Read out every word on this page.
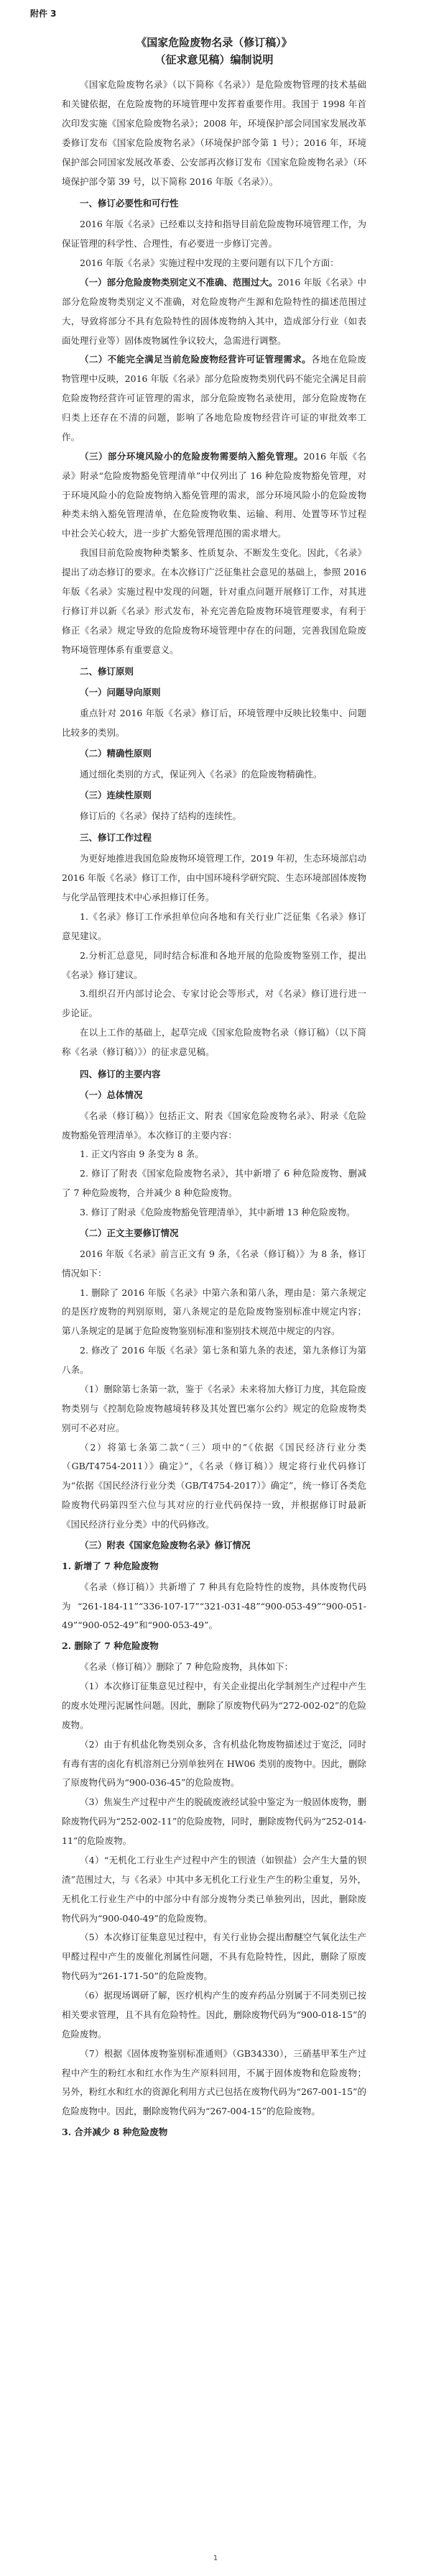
附件 3
《国家危险废物名录（修订稿）》
（征求意见稿）编制说明

《国家危险废物名录》（以下简称《名录》）是危险废物管理的技术基础和关键依据，在危险废物的环境管理中发挥着重要作用。我国于 1998 年首次印发实施《国家危险废物名录》；2008 年，环境保护部会同国家发展改革委修订发布《国家危险废物名录》（环境保护部令第 1 号）；2016 年，环境保护部会同国家发展改革委、公安部再次修订发布《国家危险废物名录》（环境保护部令第 39 号，以下简称 2016 年版《名录》）。

一、修订必要性和可行性

2016 年版《名录》已经难以支持和指导目前危险废物环境管理工作，为保证管理的科学性、合理性，有必要进一步修订完善。

2016 年版《名录》实施过程中发现的主要问题有以下几个方面：

（一）部分危险废物类别定义不准确、范围过大。2016 年版《名录》中部分危险废物类别定义不准确，对危险废物产生源和危险特性的描述范围过大，导致将部分不具有危险特性的固体废物纳入其中，造成部分行业（如表面处理行业等）固体废物属性争议较大，急需进行调整。

（二）不能完全满足当前危险废物经营许可证管理需求。各地在危险废物管理中反映，2016 年版《名录》部分危险废物类别代码不能完全满足目前危险废物经营许可证管理的需求，部分危险废物名录使用，部分危险废物在归类上还存在不清的问题，影响了各地危险废物经营许可证的审批效率工作。

（三）部分环境风险小的危险废物需要纳入豁免管理。2016 年版《名录》附录“危险废物豁免管理清单”中仅列出了 16 种危险废物豁免管理，对于环境风险小的危险废物纳入豁免管理的需求，部分环境风险小的危险废物种类未纳入豁免管理清单，在危险废物收集、运输、利用、处置等环节过程中社会关心较大，进一步扩大豁免管理范围的需求增大。

我国目前危险废物种类繁多、性质复杂、不断发生变化。因此，《名录》提出了动态修订的要求。在本次修订广泛征集社会意见的基础上，参照 2016 年版《名录》实施过程中发现的问题，针对重点问题开展修订工作，对其进行修订并以新《名录》形式发布，补充完善危险废物环境管理要求，有利于修正《名录》规定导致的危险废物环境管理中存在的问题，完善我国危险废物环境管理体系有重要意义。

二、修订原则
（一）问题导向原则

重点针对 2016 年版《名录》修订后，环境管理中反映比较集中、问题比较多的类别。

（二）精确性原则

通过细化类别的方式，保证列入《名录》的危险废物精确性。

（三）连续性原则

修订后的《名录》保持了结构的连续性。

三、修订工作过程

为更好地推进我国危险废物环境管理工作，2019 年初，生态环境部启动 2016 年版《名录》修订工作，由中国环境科学研究院、生态环境部固体废物与化学品管理技术中心承担修订任务。

1.《名录》修订工作承担单位向各地和有关行业广泛征集《名录》修订意见建议。

2.分析汇总意见，同时结合标准和各地开展的危险废物鉴别工作，提出《名录》修订建议。

3.组织召开内部讨论会、专家讨论会等形式，对《名录》修订进行进一步论证。

在以上工作的基础上，起草完成《国家危险废物名录（修订稿）（以下简称《名录（修订稿）》）的征求意见稿。

四、修订的主要内容
（一）总体情况

《名录（修订稿）》包括正文、附表《国家危险废物名录》、附录《危险废物豁免管理清单》。本次修订的主要内容：

1. 正文内容由 9 条变为 8 条。

2. 修订了附表《国家危险废物名录》，其中新增了 6 种危险废物、删减了 7 种危险废物，合并减少 8 种危险废物。

3. 修订了附录《危险废物豁免管理清单》，其中新增 13 种危险废物。

（二）正文主要修订情况

2016 年版《名录》前言正文有 9 条，《名录（修订稿）》为 8 条，修订情况如下：

1. 删除了 2016 年版《名录》中第六条和第八条，理由是：第六条规定的是医疗废物的判别原则，第八条规定的是危险废物鉴别标准中规定内容；第八条规定的是属于危险废物鉴别标准和鉴别技术规范中规定的内容。

2. 修改了 2016 年版《名录》第七条和第九条的表述，第九条修订为第八条。

（1）删除第七条第一款，鉴于《名录》未来将加大修订力度，其危险废物类别与《控制危险废物越境转移及其处置巴塞尔公约》规定的危险废物类别可不必对应。

（2）将第七条第二款“（三）项中的”《依据《国民经济行业分类（GB/T4754-2011）》确定》”，《名录（修订稿）》规定将行业代码修订为“依据《国民经济行业分类（GB/T4754-2017）》确定”，统一修订各类危险废物代码第四至六位与其对应的行业代码保持一致，并根据修订时最新《国民经济行业分类》中的代码修改。

（三）附表《国家危险废物名录》修订情况
1. 新增了 7 种危险废物

《名录（修订稿）》共新增了 7 种具有危险特性的废物，具体废物代码为“261-184-11”“336-107-17”“321-031-48”“900-053-49”“900-051-49”“900-052-49”和“900-053-49”。

2. 删除了 7 种危险废物

《名录（修订稿）》删除了 7 种危险废物，具体如下：

（1）本次修订征集意见过程中，有关企业提出化学制剂生产过程中产生的废水处理污泥属性问题。因此，删除了原废物代码为“272-002-02”的危险废物。

（2）由于有机盐化物类别众多，含有机盐化物废物描述过于宽泛，同时有毒有害的卤化有机溶剂已分别单独列在 HW06 类别的废物中。因此，删除了原废物代码为“900-036-45”的危险废物。

（3）焦炭生产过程中产生的脱硫废液经试验中鉴定为一般固体废物，删除废物代码为“252-002-11”的危险废物，同时，删除废物代码为“252-014-11”的危险废物。

（4）“无机化工行业生产过程中产生的钡渣（如钡盐）会产生大量的钡渣”范围过大，与《名录》中其中多无机化工行业生产生的粉尘重复，另外，无机化工行业生产中的中部分中有部分废物分类已单独列出，因此，删除废物代码为“900-040-49”的危险废物。

（5）本次修订征集意见过程中，有关行业协会提出醇醚空气氧化法生产甲醛过程中产生的废催化剂属性问题，不具有危险特性，因此，删除了原废物代码为“261-171-50”的危险废物。

（6）据现场调研了解，医疗机构产生的废弃药品分别属于不同类别已按相关要求管理，且不具有危险特性。因此，删除废物代码为“900-018-15”的危险废物。

（7）根据《固体废物鉴别标准通则》（GB34330），三硝基甲苯生产过程中产生的粉红水和红水作为生产原料回用，不属于固体废物和危险废物；另外，粉红水和红水的资源化利用方式已包括在废物代码为“267-001-15”的危险废物中。因此，删除废物代码为“267-004-15”的危险废物。

3. 合并减少 8 种危险废物
1
